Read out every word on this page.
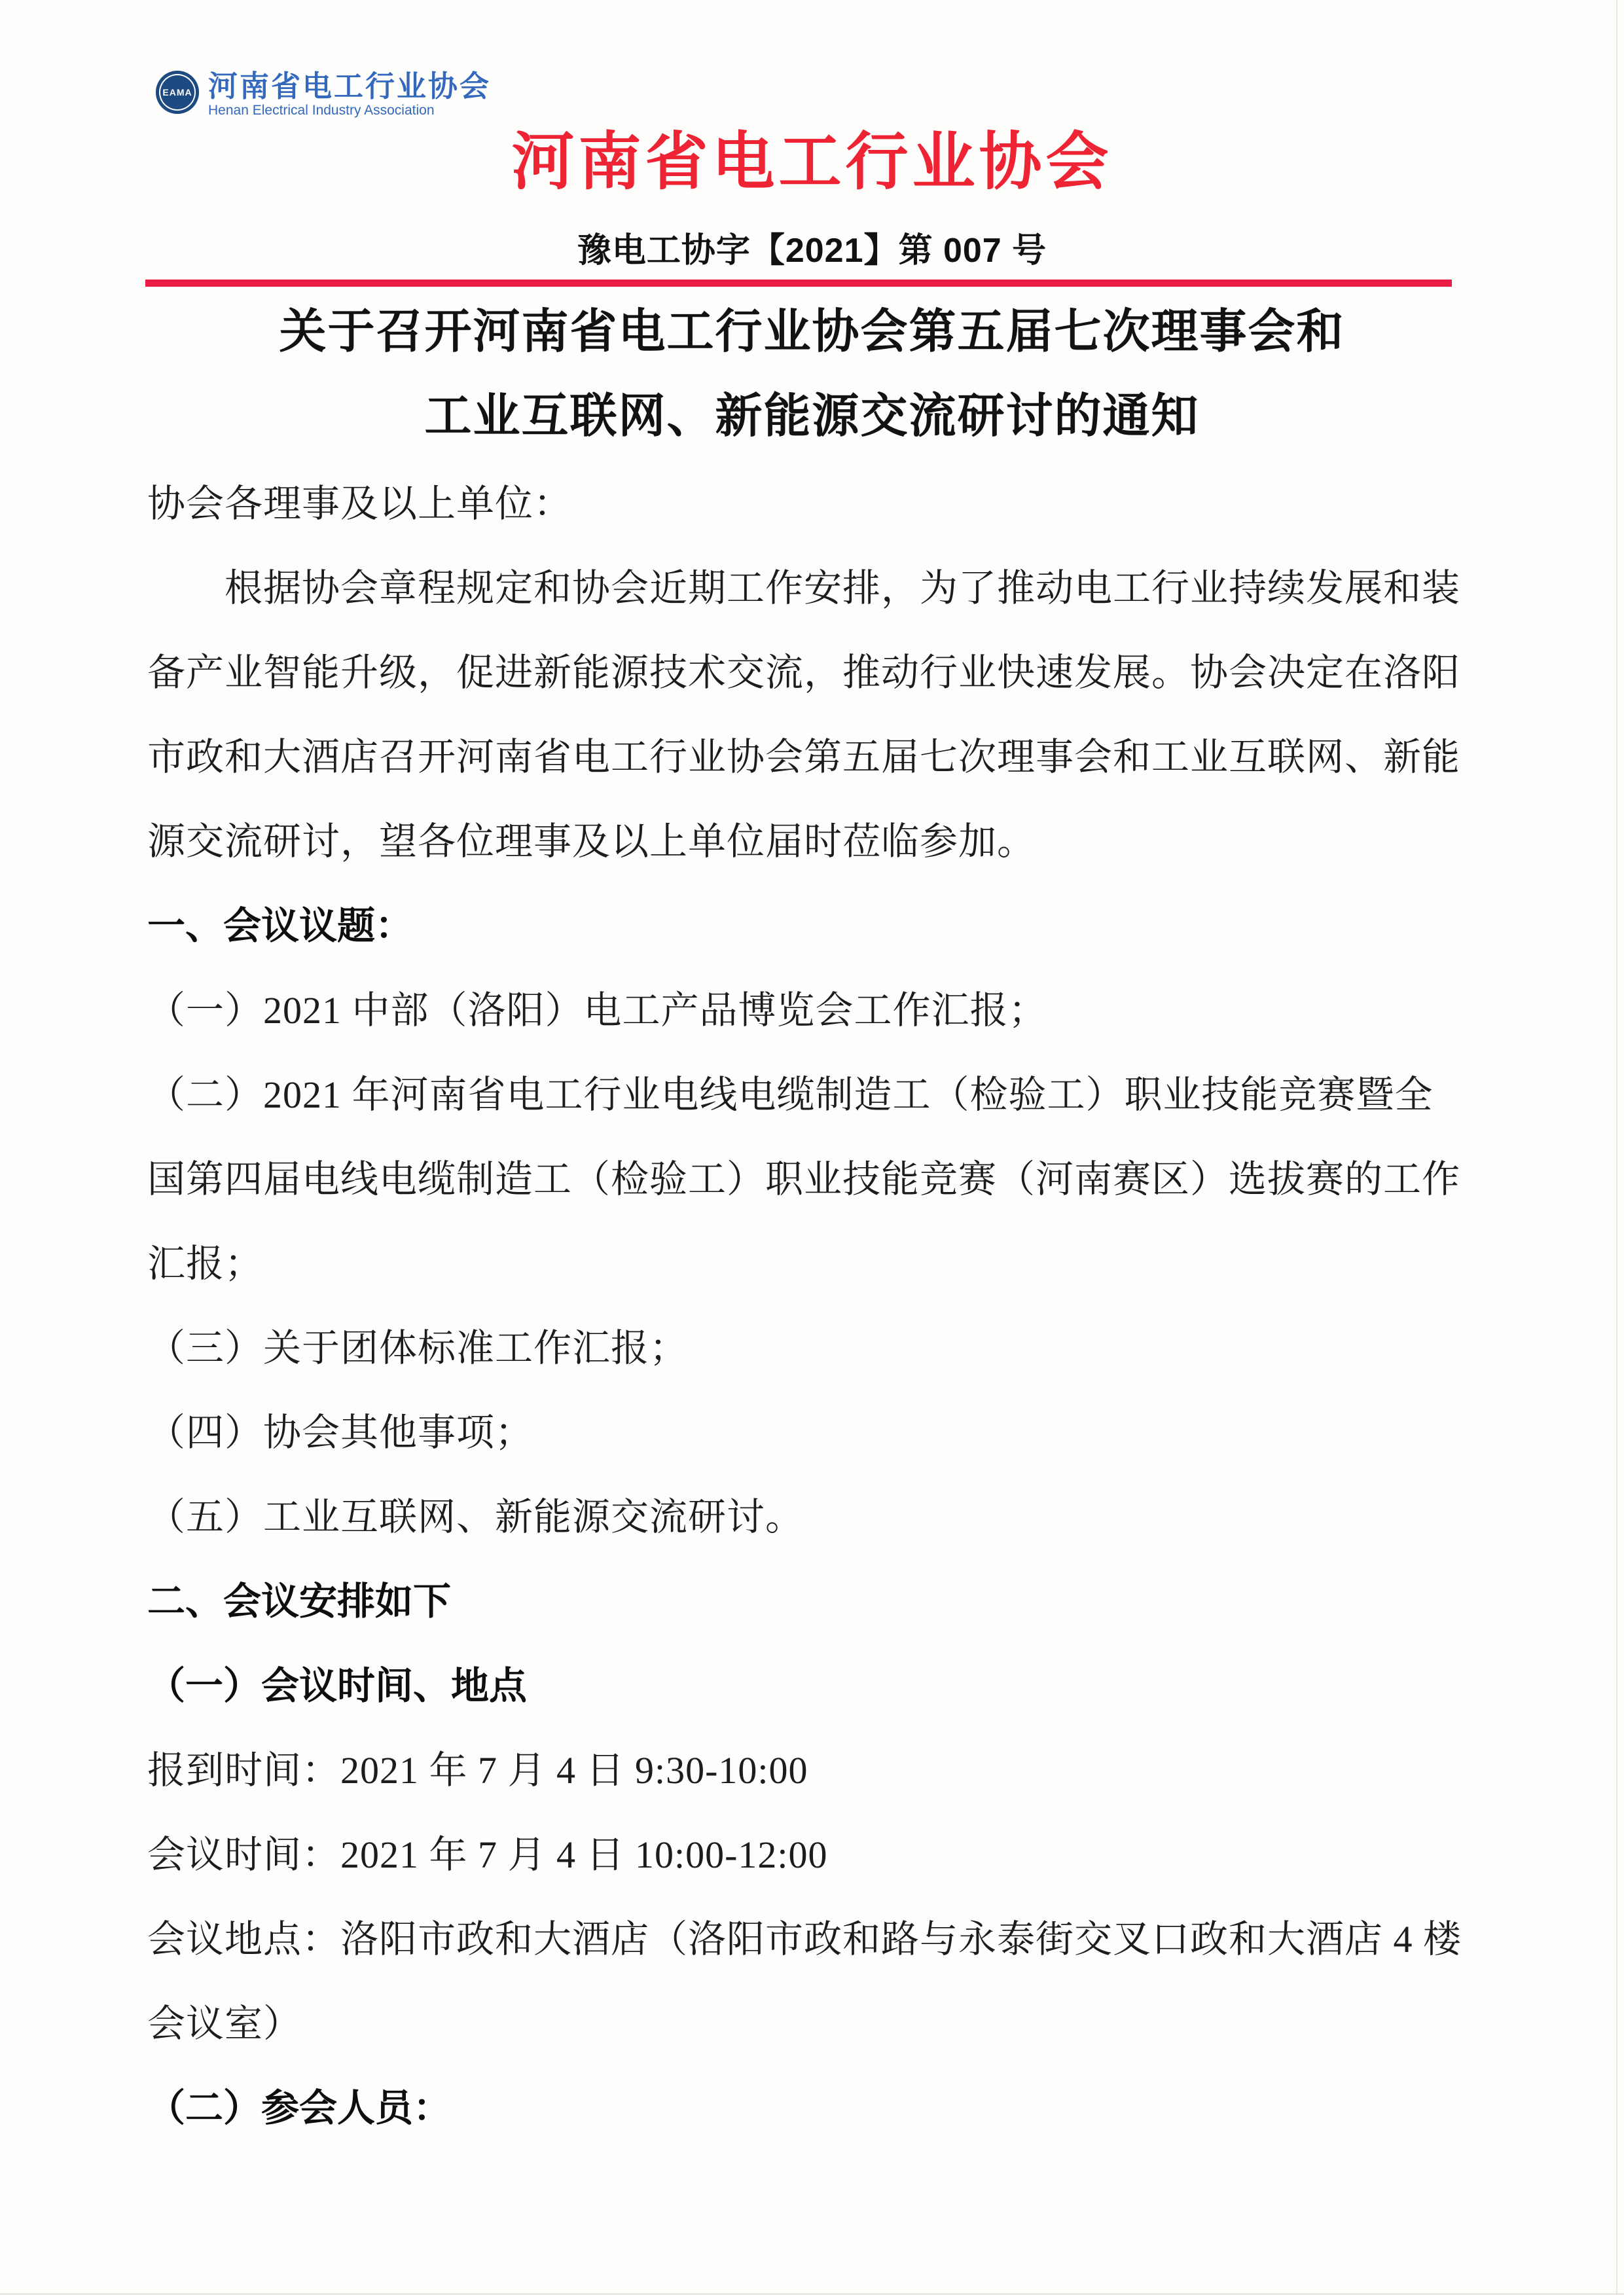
EAMA 河南省电工行业协会
Henan Electrical Industry Association
河南省电工行业协会
豫电工协字【2021】第 007 号
关于召开河南省电工行业协会第五届七次理事会和
工业互联网、新能源交流研讨的通知
协会各理事及以上单位：
根据协会章程规定和协会近期工作安排，为了推动电工行业持续发展和装
备产业智能升级，促进新能源技术交流，推动行业快速发展。协会决定在洛阳
市政和大酒店召开河南省电工行业协会第五届七次理事会和工业互联网、新能
源交流研讨，望各位理事及以上单位届时莅临参加。
一、会议议题：
（一）2021 中部（洛阳）电工产品博览会工作汇报；
（二）2021 年河南省电工行业电线电缆制造工（检验工）职业技能竞赛暨全
国第四届电线电缆制造工（检验工）职业技能竞赛（河南赛区）选拔赛的工作
汇报；
（三）关于团体标准工作汇报；
（四）协会其他事项；
（五）工业互联网、新能源交流研讨。
二、会议安排如下
（一）会议时间、地点
报到时间：2021 年 7 月 4 日 9:30-10:00
会议时间：2021 年 7 月 4 日 10:00-12:00
会议地点：洛阳市政和大酒店（洛阳市政和路与永泰街交叉口政和大酒店 4 楼
会议室）
（二）参会人员：
